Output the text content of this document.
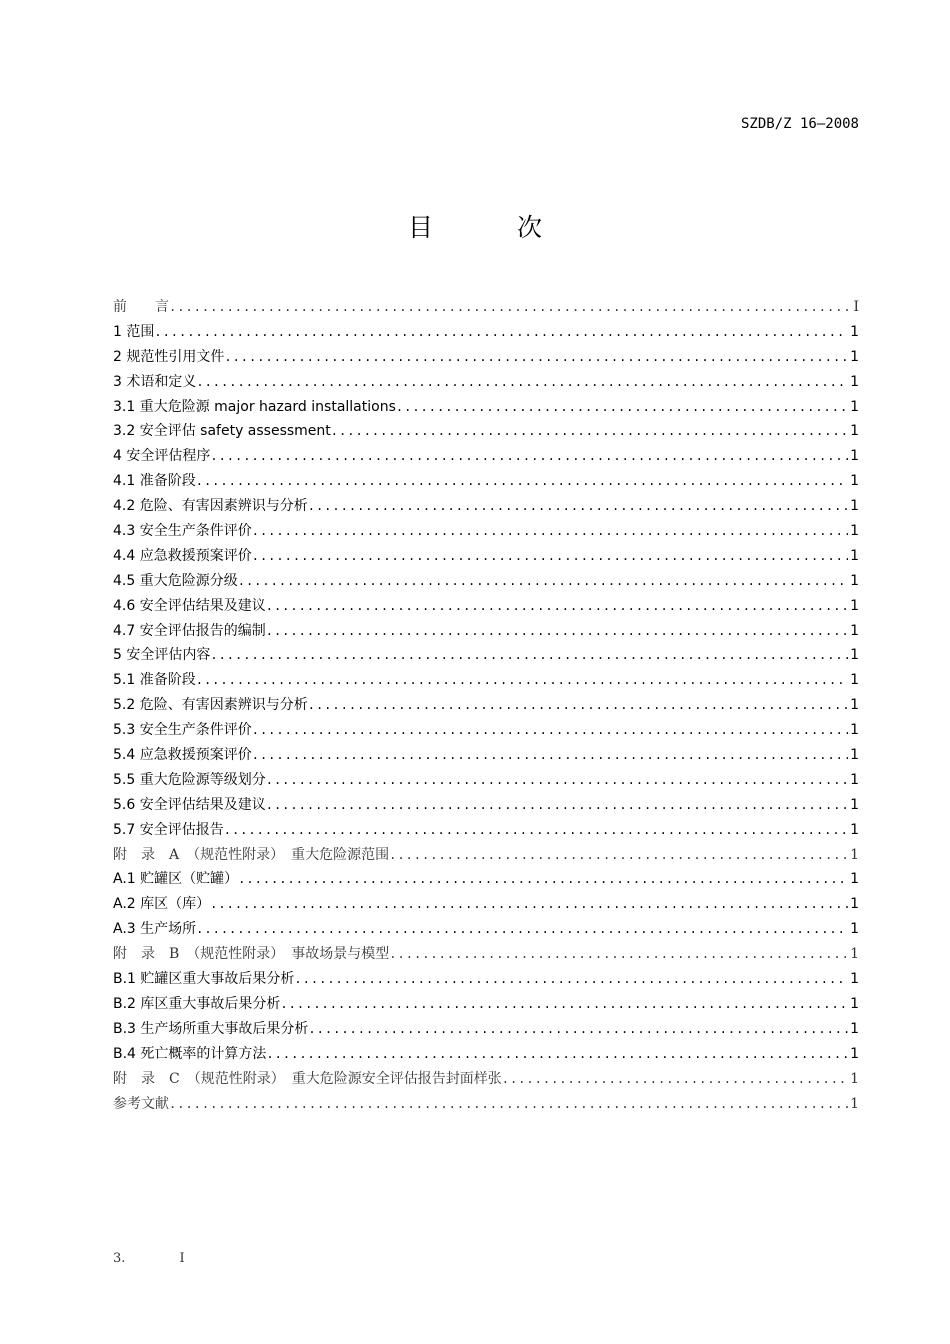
SZDB/Z 16—2008
目 次
前　　言 .....	I
1 范围 .....	1
2 规范性引用文件 .....	1
3 术语和定义 .....	1
3.1 重大危险源 major hazard installations .....	1
3.2 安全评估 safety assessment .....	1
4 安全评估程序 .....	1
4.1 准备阶段 .....	1
4.2 危险、有害因素辨识与分析 .....	1
4.3 安全生产条件评价 .....	1
4.4 应急救援预案评价 .....	1
4.5 重大危险源分级 .....	1
4.6 安全评估结果及建议 .....	1
4.7 安全评估报告的编制 .....	1
5 安全评估内容 .....	1
5.1 准备阶段 .....	1
5.2 危险、有害因素辨识与分析 .....	1
5.3 安全生产条件评价 .....	1
5.4 应急救援预案评价 .....	1
5.5 重大危险源等级划分 .....	1
5.6 安全评估结果及建议 .....	1
5.7 安全评估报告 .....	1
附　录　A　（规范性附录）　重大危险源范围 .....	1
A.1 贮罐区（贮罐） .....	1
A.2 库区（库） .....	1
A.3 生产场所 .....	1
附　录　B　（规范性附录）　事故场景与模型 .....	1
B.1 贮罐区重大事故后果分析 .....	1
B.2 库区重大事故后果分析 .....	1
B.3 生产场所重大事故后果分析 .....	1
B.4 死亡概率的计算方法 .....	1
附　录　C　（规范性附录）　重大危险源安全评估报告封面样张 .....	1
参考文献 .....	1
3.	I
